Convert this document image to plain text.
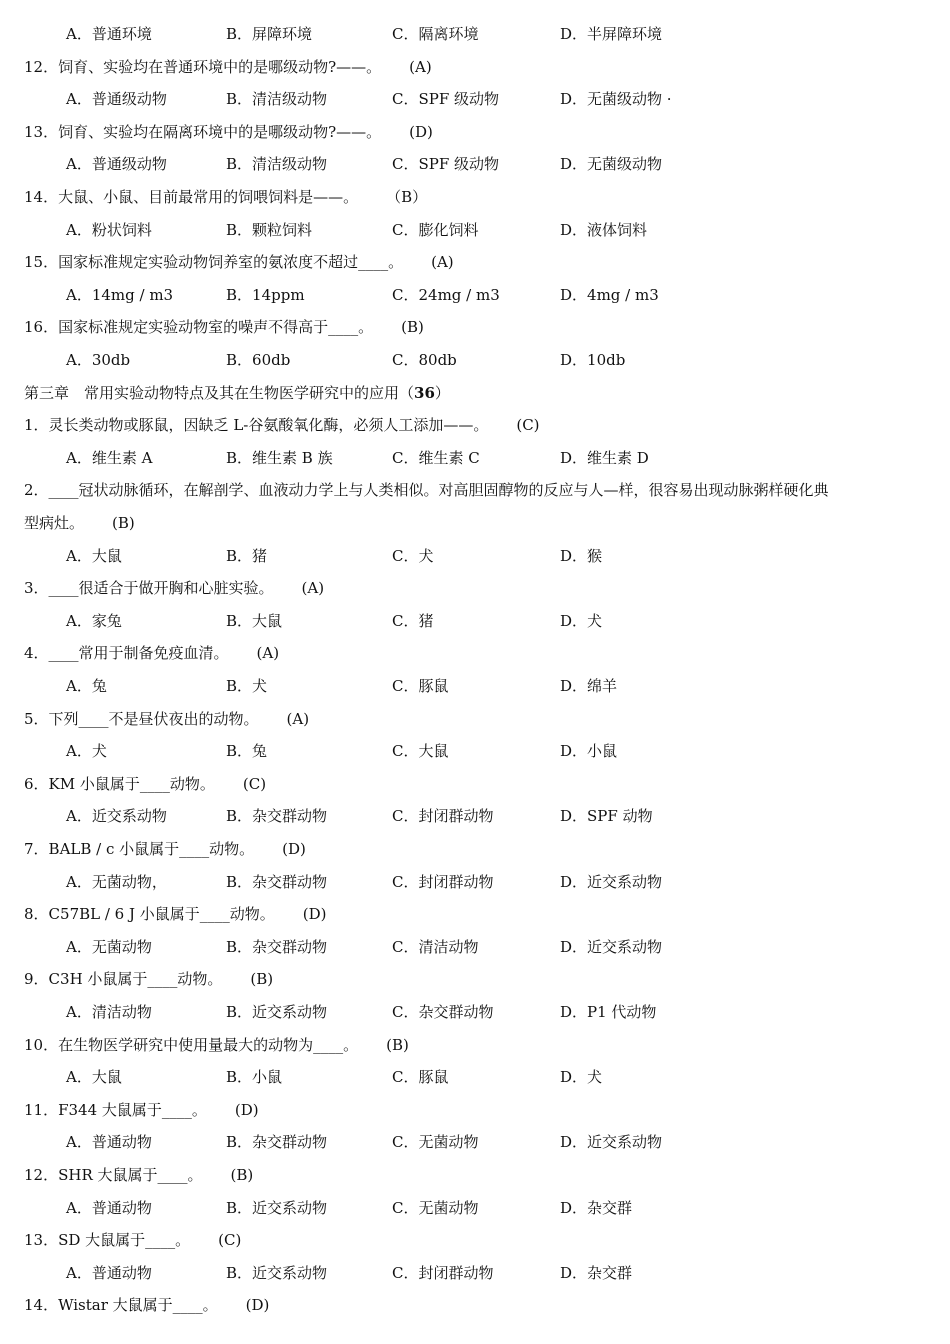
A．普通环境	B．屏障环境	C．隔离环境	D．半屏障环境
12．饲育、实验均在普通环境中的是哪级动物?——。 (A)
A．普通级动物	B．清洁级动物	C．SPF 级动物	D．无菌级动物 ·
13．饲育、实验均在隔离环境中的是哪级动物?——。 (D)
A．普通级动物	B．清洁级动物	C．SPF 级动物	D．无菌级动物
14．大鼠、小鼠、目前最常用的饲喂饲料是——。 （B）
A．粉状饲料	B．颗粒饲料	C．膨化饲料	D．液体饲料
15．国家标准规定实验动物饲养室的氨浓度不超过____。 (A)
A．14mg / m3	B．14ppm	C．24mg / m3	D．4mg / m3
16．国家标准规定实验动物室的噪声不得高于____。 (B)
A．30db	B．60db	C．80db	D．10db
第三章　常用实验动物特点及其在生物医学研究中的应用（36）
1．灵长类动物或豚鼠，因缺乏 L-谷氨酸氧化酶，必须人工添加——。 (C)
A．维生素 A	B．维生素 B 族	C．维生素 C	D．维生素 D
2．____冠状动脉循环，在解剖学、血液动力学上与人类相似。对高胆固醇物的反应与人—样，很容易出现动脉粥样硬化典
型病灶。 (B)
A．大鼠	B．猪	C．犬	D．猴
3．____很适合于做开胸和心脏实验。 (A)
A．家兔	B．大鼠	C．猪	D．犬
4．____常用于制备免疫血清。 (A)
A．兔	B．犬	C．豚鼠	D．绵羊
5．下列____不是昼伏夜出的动物。 (A)
A．犬	B．兔	C．大鼠	D．小鼠
6．KM 小鼠属于____动物。 (C)
A．近交系动物	B．杂交群动物	C．封闭群动物	D．SPF 动物
7．BALB / c 小鼠属于____动物。 (D)
A．无菌动物，	B．杂交群动物	C．封闭群动物	D．近交系动物
8．C57BL / 6 J 小鼠属于____动物。 (D)
A．无菌动物	B．杂交群动物	C．清洁动物	D．近交系动物
9．C3H 小鼠属于____动物。 (B)
A．清洁动物	B．近交系动物	C．杂交群动物	D．P1 代动物
10．在生物医学研究中使用量最大的动物为____。 (B)
A．大鼠	B．小鼠	C．豚鼠	D．犬
11．F344 大鼠属于____。 (D)
A．普通动物	B．杂交群动物	C．无菌动物	D．近交系动物
12．SHR 大鼠属于____。 (B)
A．普通动物	B．近交系动物	C．无菌动物	D．杂交群
13．SD 大鼠属于____。 (C)
A．普通动物	B．近交系动物	C．封闭群动物	D．杂交群
14．Wistar 大鼠属于____。 (D)
